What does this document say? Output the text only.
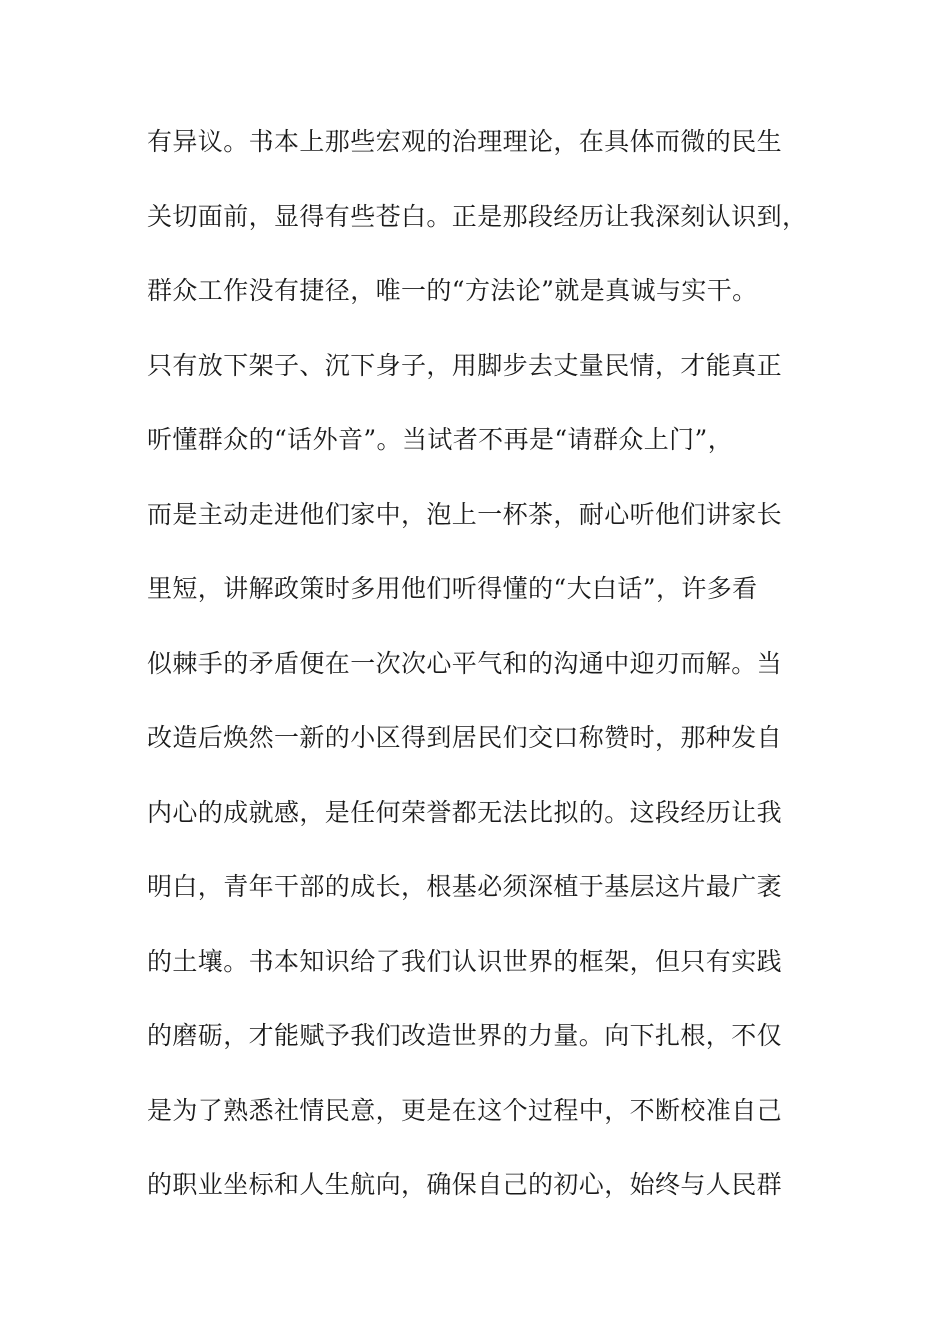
有异议。书本上那些宏观的治理理论，在具体而微的民生
关切面前，显得有些苍白。正是那段经历让我深刻认识到，
群众工作没有捷径，唯一的“方法论”就是真诚与实干。
只有放下架子、沉下身子，用脚步去丈量民情，才能真正
听懂群众的“话外音”。当试者不再是“请群众上门”，
而是主动走进他们家中，泡上一杯茶，耐心听他们讲家长
里短，讲解政策时多用他们听得懂的“大白话”，许多看
似棘手的矛盾便在一次次心平气和的沟通中迎刃而解。当
改造后焕然一新的小区得到居民们交口称赞时，那种发自
内心的成就感，是任何荣誉都无法比拟的。这段经历让我
明白，青年干部的成长，根基必须深植于基层这片最广袤
的土壤。书本知识给了我们认识世界的框架，但只有实践
的磨砺，才能赋予我们改造世界的力量。向下扎根，不仅
是为了熟悉社情民意，更是在这个过程中，不断校准自己
的职业坐标和人生航向，确保自己的初心，始终与人民群
